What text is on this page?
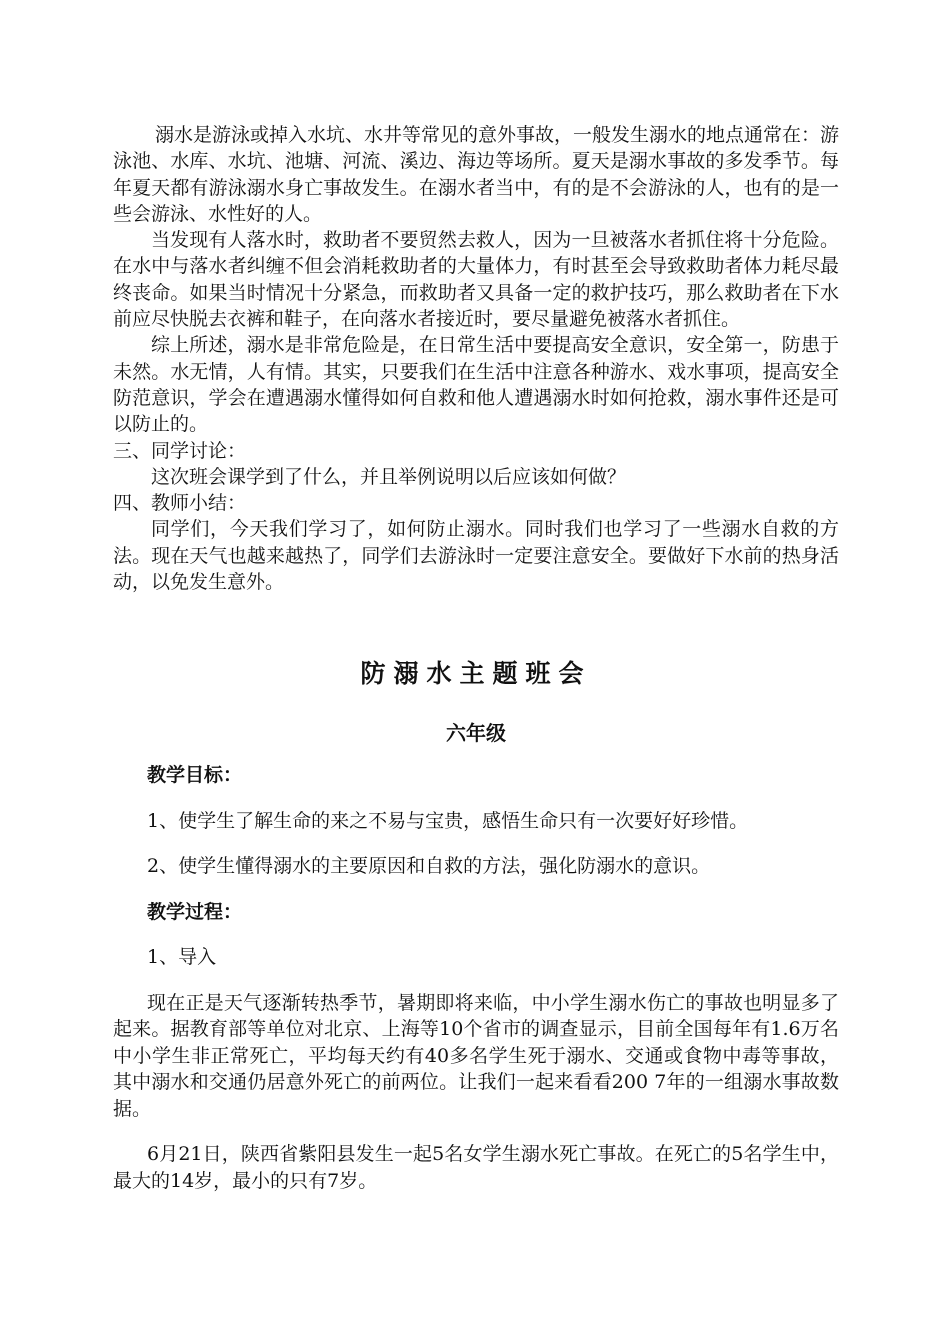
溺水是游泳或掉入水坑、水井等常见的意外事故，一般发生溺水的地点通常在：游泳池、水库、水坑、池塘、河流、溪边、海边等场所。夏天是溺水事故的多发季节。每年夏天都有游泳溺水身亡事故发生。在溺水者当中，有的是不会游泳的人，也有的是一些会游泳、水性好的人。

当发现有人落水时，救助者不要贸然去救人，因为一旦被落水者抓住将十分危险。在水中与落水者纠缠不但会消耗救助者的大量体力，有时甚至会导致救助者体力耗尽最终丧命。如果当时情况十分紧急，而救助者又具备一定的救护技巧，那么救助者在下水前应尽快脱去衣裤和鞋子，在向落水者接近时，要尽量避免被落水者抓住。

综上所述，溺水是非常危险是，在日常生活中要提高安全意识，安全第一，防患于未然。水无情，人有情。其实，只要我们在生活中注意各种游水、戏水事项，提高安全防范意识，学会在遭遇溺水懂得如何自救和他人遭遇溺水时如何抢救，溺水事件还是可以防止的。

三、同学讨论：

这次班会课学到了什么，并且举例说明以后应该如何做？

四、教师小结：

同学们，今天我们学习了，如何防止溺水。同时我们也学习了一些溺水自救的方法。现在天气也越来越热了，同学们去游泳时一定要注意安全。要做好下水前的热身活动，以免发生意外。

防溺水主题班会
六年级

教学目标：

1、使学生了解生命的来之不易与宝贵，感悟生命只有一次要好好珍惜。

2、使学生懂得溺水的主要原因和自救的方法，强化防溺水的意识。

教学过程：

1、导入

现在正是天气逐渐转热季节，暑期即将来临，中小学生溺水伤亡的事故也明显多了起来。据教育部等单位对北京、上海等10个省市的调查显示，目前全国每年有1.6万名中小学生非正常死亡，平均每天约有40多名学生死于溺水、交通或食物中毒等事故，其中溺水和交通仍居意外死亡的前两位。让我们一起来看看200 7年的一组溺水事故数据。

6月21日，陕西省紫阳县发生一起5名女学生溺水死亡事故。在死亡的5名学生中，最大的14岁，最小的只有7岁。
